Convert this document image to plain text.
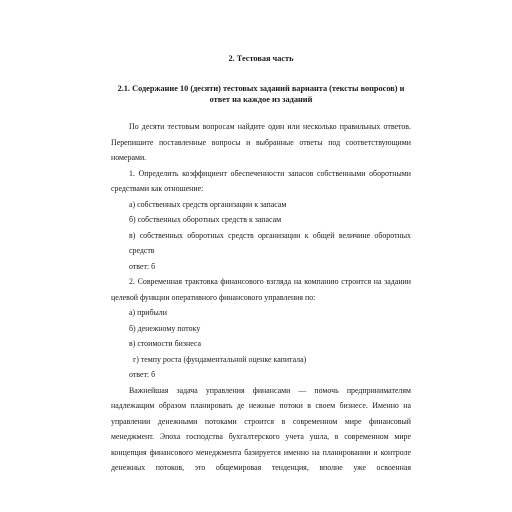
2. Тестовая часть

2.1. Содержание 10 (десяти) тестовых заданий варианта (тексты вопросов) и ответ на каждое из заданий

По десяти тестовым вопросам найдите один или несколько правильных ответов. Перепишите поставленные вопросы и выбранные ответы под соответствующими номерами.

1. Определить коэффициент обеспеченности запасов собственными оборотными средствами как отношение:

а) собственных средств организации к запасам

б) собственных оборотных средств к запасам

в) собственных оборотных средств организации к общей величине оборотных средств

ответ: б

2. Современная трактовка финансового взгляда на компанию строится на задании целевой функции оперативного финансового управления по:

а) прибыли

б) денежному потоку

в) стоимости бизнеса

г) темпу роста (фундаментальной оценке капитала)

ответ: б

Важнейшая задача управления финансами — помочь предпринимателям надлежащим образом планировать де нежные потоки в своем бизнесе. Именно на управлении денежными потоками строится в современном мире финансовый менеджмент. Эпоха господства бухгалтерского учета ушла, в современном мире концепция финансового менеджмента базируется именно на планировании и контроле денежных потоков, это общемировая тенденция, вполне уже освоенная
